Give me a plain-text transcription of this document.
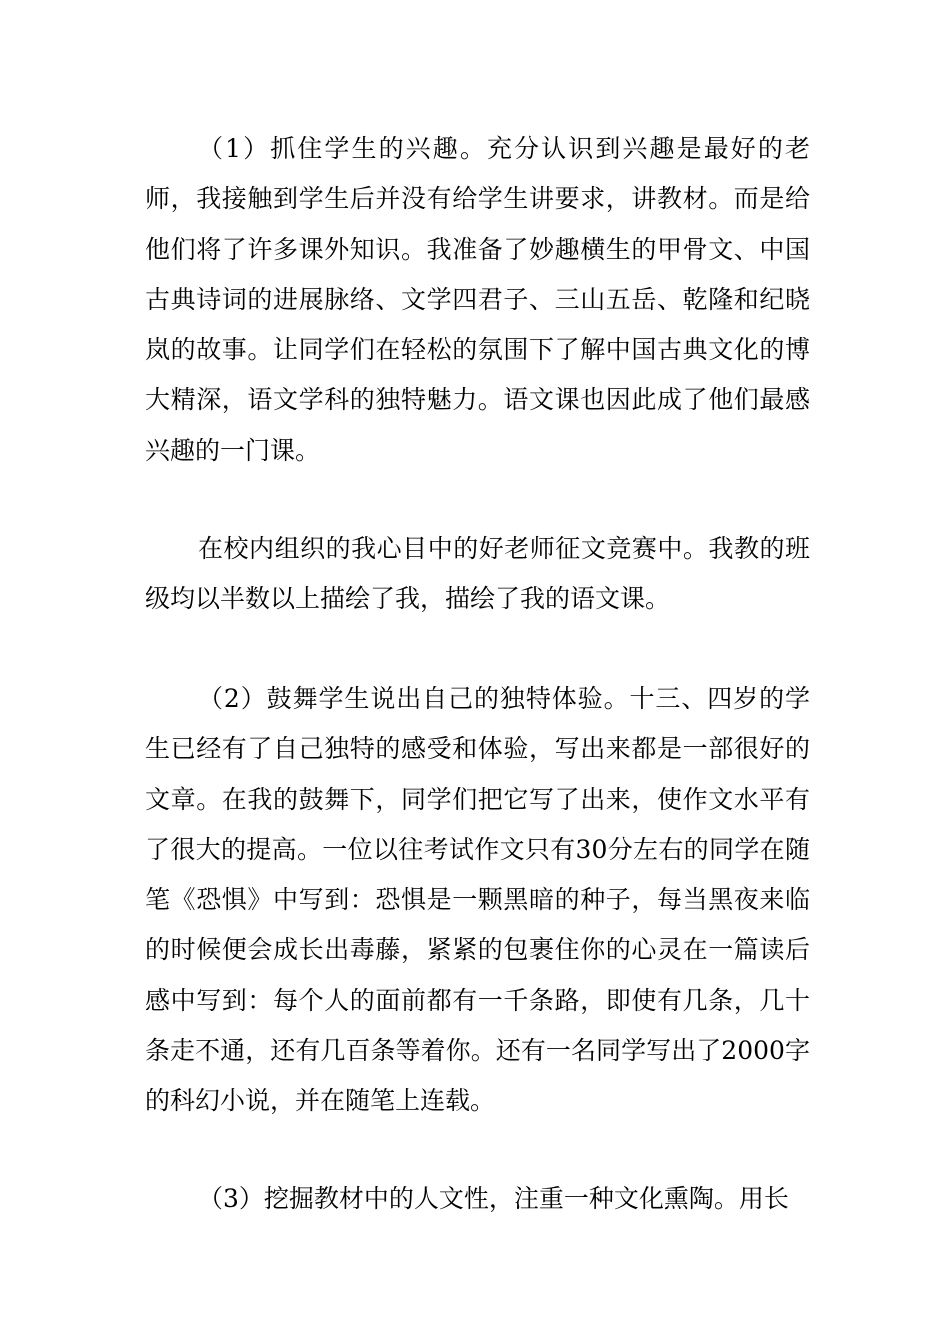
（1）抓住学生的兴趣。充分认识到兴趣是最好的老师，我接触到学生后并没有给学生讲要求，讲教材。而是给他们将了许多课外知识。我准备了妙趣横生的甲骨文、中国古典诗词的进展脉络、文学四君子、三山五岳、乾隆和纪晓岚的故事。让同学们在轻松的氛围下了解中国古典文化的博大精深，语文学科的独特魅力。语文课也因此成了他们最感兴趣的一门课。

在校内组织的我心目中的好老师征文竞赛中。我教的班级均以半数以上描绘了我，描绘了我的语文课。

（2）鼓舞学生说出自己的独特体验。十三、四岁的学生已经有了自己独特的感受和体验，写出来都是一部很好的文章。在我的鼓舞下，同学们把它写了出来，使作文水平有了很大的提高。一位以往考试作文只有30分左右的同学在随笔《恐惧》中写到：恐惧是一颗黑暗的种子，每当黑夜来临的时候便会成长出毒藤，紧紧的包裹住你的心灵在一篇读后感中写到：每个人的面前都有一千条路，即使有几条，几十条走不通，还有几百条等着你。还有一名同学写出了2000字的科幻小说，并在随笔上连载。

（3）挖掘教材中的人文性，注重一种文化熏陶。用长
